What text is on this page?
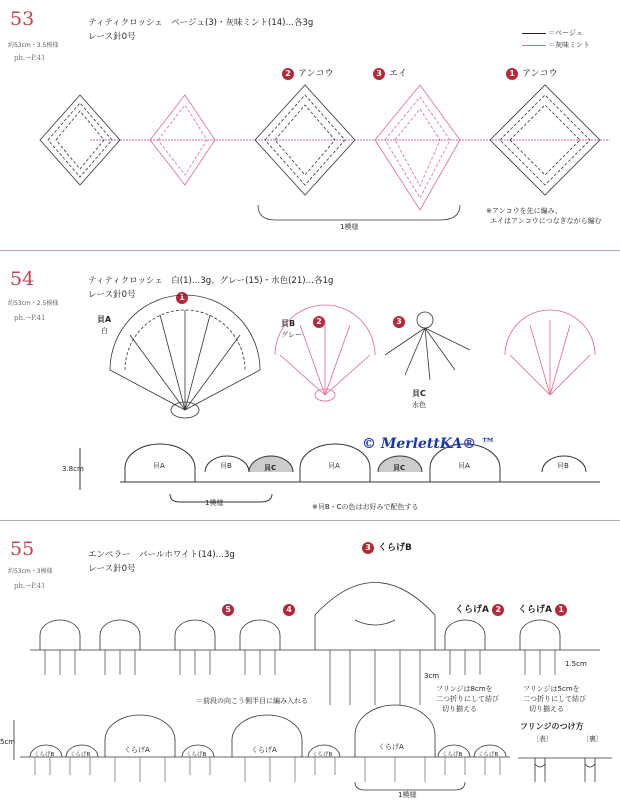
53
約53cm・3.5模様
ph.→P.41
ティティクロッシェ　ベージュ(3)・灰味ミント(14)…各3g
レース針0号	＝ベージュ
＝灰味ミント
2 アンコウ	3 エイ	1 アンコウ
1模様
※アンコウを先に編み、
エイはアンコウにつなぎながら編む
54
約53cm・2.5模様
ph.→P.41
ティティクロッシェ　白(1)…3g、グレー(15)・水色(21)…各1g
レース針0号	1
2	3
貝A
白
貝B
グレー
貝C
水色
3.8cm	貝A	貝B	貝C	貝A	貝C	貝A	貝B
1模様	※貝B・Cの色はお好みで配色する
© MerlettKA® ™
55
約53cm・3模様
ph.→P.41
エンペラー　パールホワイト(14)…3g
レース針0号
3 くらげB
5	4	くらげA 2	くらげA 1
＝前段の向こう側半目に編み入れる
フリンジは8cmを
二つ折りにして結び
切り揃える
フリンジは5cmを
二つ折りにして結び
切り揃える
フリンジのつけ方
〔表〕	〔裏〕
3cm
1.5cm
5cm
1模様
くらげB	くらげB
くらげA
くらげB
くらげA
くらげB
くらげA
くらげB	くらげB
